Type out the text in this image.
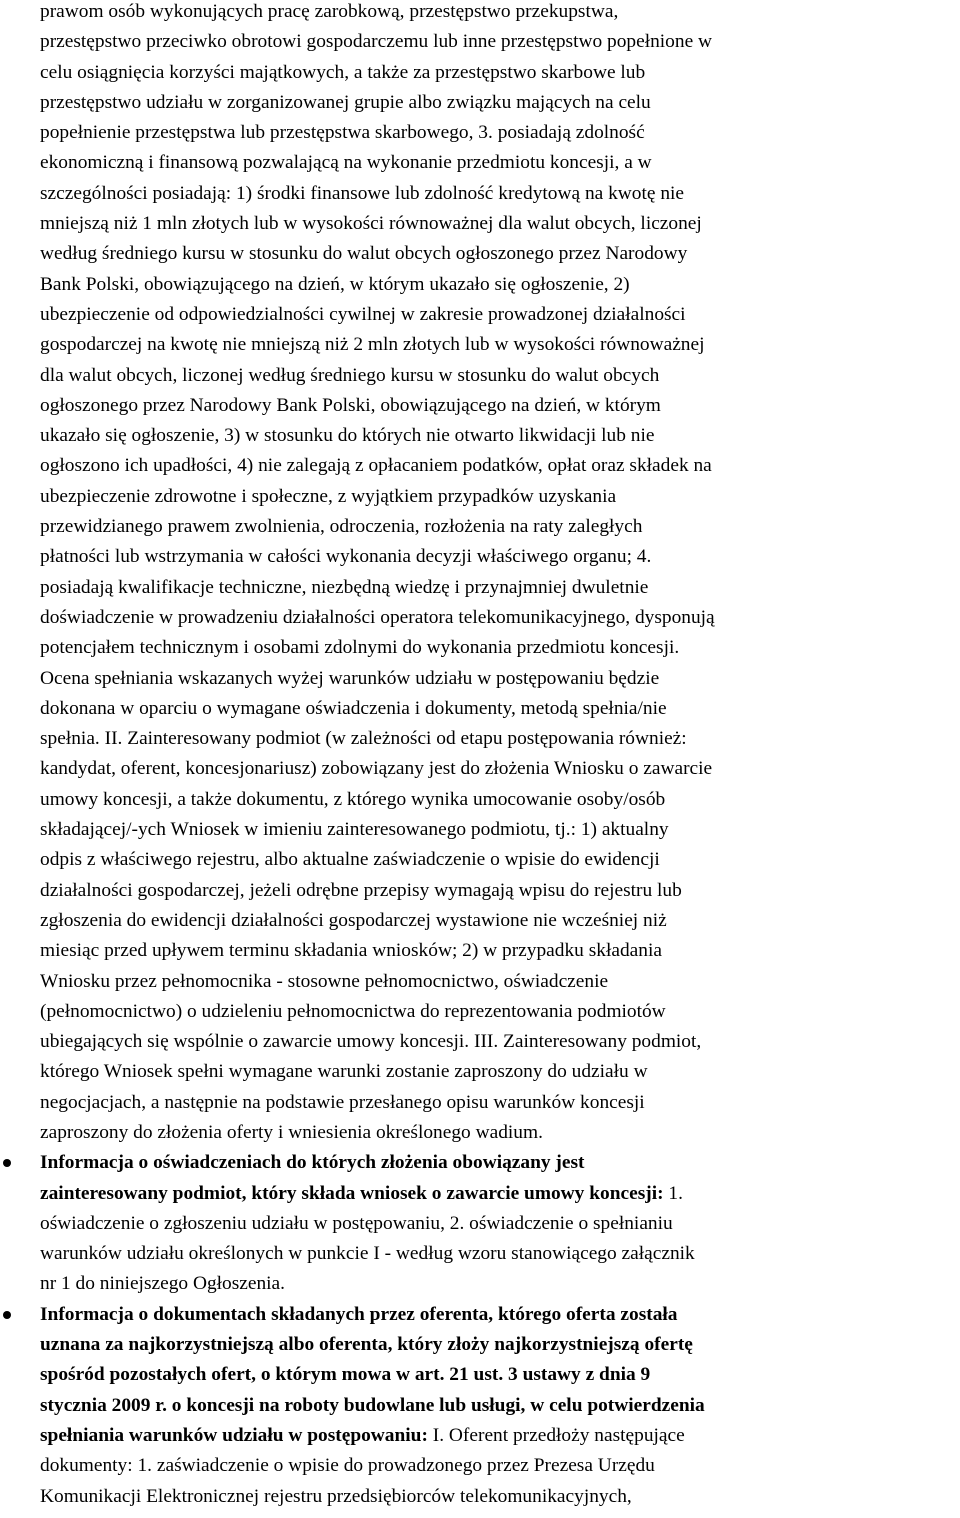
prawom osób wykonujących pracę zarobkową, przestępstwo przekupstwa,
przestępstwo przeciwko obrotowi gospodarczemu lub inne przestępstwo popełnione w
celu osiągnięcia korzyści majątkowych, a także za przestępstwo skarbowe lub
przestępstwo udziału w zorganizowanej grupie albo związku mających na celu
popełnienie przestępstwa lub przestępstwa skarbowego, 3. posiadają zdolność
ekonomiczną i finansową pozwalającą na wykonanie przedmiotu koncesji, a w
szczególności posiadają: 1) środki finansowe lub zdolność kredytową na kwotę nie
mniejszą niż 1 mln złotych lub w wysokości równoważnej dla walut obcych, liczonej
według średniego kursu w stosunku do walut obcych ogłoszonego przez Narodowy
Bank Polski, obowiązującego na dzień, w którym ukazało się ogłoszenie, 2)
ubezpieczenie od odpowiedzialności cywilnej w zakresie prowadzonej działalności
gospodarczej na kwotę nie mniejszą niż 2 mln złotych lub w wysokości równoważnej
dla walut obcych, liczonej według średniego kursu w stosunku do walut obcych
ogłoszonego przez Narodowy Bank Polski, obowiązującego na dzień, w którym
ukazało się ogłoszenie, 3) w stosunku do których nie otwarto likwidacji lub nie
ogłoszono ich upadłości, 4) nie zalegają z opłacaniem podatków, opłat oraz składek na
ubezpieczenie zdrowotne i społeczne, z wyjątkiem przypadków uzyskania
przewidzianego prawem zwolnienia, odroczenia, rozłożenia na raty zaległych
płatności lub wstrzymania w całości wykonania decyzji właściwego organu; 4.
posiadają kwalifikacje techniczne, niezbędną wiedzę i przynajmniej dwuletnie
doświadczenie w prowadzeniu działalności operatora telekomunikacyjnego, dysponują
potencjałem technicznym i osobami zdolnymi do wykonania przedmiotu koncesji.
Ocena spełniania wskazanych wyżej warunków udziału w postępowaniu będzie
dokonana w oparciu o wymagane oświadczenia i dokumenty, metodą spełnia/nie
spełnia. II. Zainteresowany podmiot (w zależności od etapu postępowania również:
kandydat, oferent, koncesjonariusz) zobowiązany jest do złożenia Wniosku o zawarcie
umowy koncesji, a także dokumentu, z którego wynika umocowanie osoby/osób
składającej/-ych Wniosek w imieniu zainteresowanego podmiotu, tj.: 1) aktualny
odpis z właściwego rejestru, albo aktualne zaświadczenie o wpisie do ewidencji
działalności gospodarczej, jeżeli odrębne przepisy wymagają wpisu do rejestru lub
zgłoszenia do ewidencji działalności gospodarczej wystawione nie wcześniej niż
miesiąc przed upływem terminu składania wniosków; 2) w przypadku składania
Wniosku przez pełnomocnika - stosowne pełnomocnictwo, oświadczenie
(pełnomocnictwo) o udzieleniu pełnomocnictwa do reprezentowania podmiotów
ubiegających się wspólnie o zawarcie umowy koncesji. III. Zainteresowany podmiot,
którego Wniosek spełni wymagane warunki zostanie zaproszony do udziału w
negocjacjach, a następnie na podstawie przesłanego opisu warunków koncesji
zaproszony do złożenia oferty i wniesienia określonego wadium.
Informacja o oświadczeniach do których złożenia obowiązany jest
zainteresowany podmiot, który składa wniosek o zawarcie umowy koncesji: 1.
oświadczenie o zgłoszeniu udziału w postępowaniu, 2. oświadczenie o spełnianiu
warunków udziału określonych w punkcie I - według wzoru stanowiącego załącznik
nr 1 do niniejszego Ogłoszenia.
Informacja o dokumentach składanych przez oferenta, którego oferta została
uznana za najkorzystniejszą albo oferenta, który złoży najkorzystniejszą ofertę
spośród pozostałych ofert, o którym mowa w art. 21 ust. 3 ustawy z dnia 9
stycznia 2009 r. o koncesji na roboty budowlane lub usługi, w celu potwierdzenia
spełniania warunków udziału w postępowaniu: I. Oferent przedłoży następujące
dokumenty: 1. zaświadczenie o wpisie do prowadzonego przez Prezesa Urzędu
Komunikacji Elektronicznej rejestru przedsiębiorców telekomunikacyjnych,
